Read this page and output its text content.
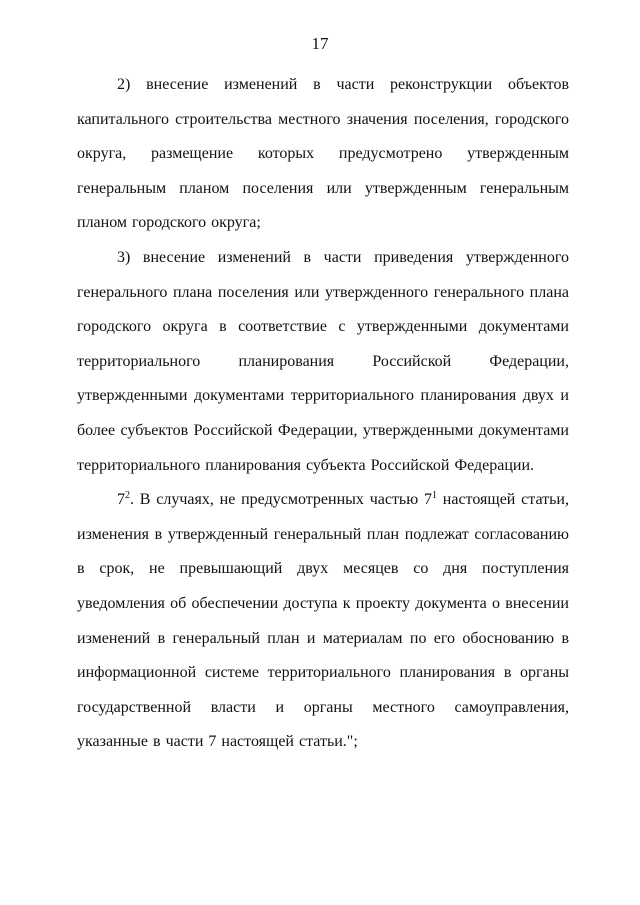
17

2) внесение изменений в части реконструкции объектов капитального строительства местного значения поселения, городского округа, размещение которых предусмотрено утвержденным генеральным планом поселения или утвержденным генеральным планом городского округа;

3) внесение изменений в части приведения утвержденного генерального плана поселения или утвержденного генерального плана городского округа в соответствие с утвержденными документами территориального планирования Российской Федерации, утвержденными документами территориального планирования двух и более субъектов Российской Федерации, утвержденными документами территориального планирования субъекта Российской Федерации.

$7^2$. В случаях, не предусмотренных частью $7^1$ настоящей статьи, изменения в утвержденный генеральный план подлежат согласованию в срок, не превышающий двух месяцев со дня поступления уведомления об обеспечении доступа к проекту документа о внесении изменений в генеральный план и материалам по его обоснованию в информационной системе территориального планирования в органы государственной власти и органы местного самоуправления, указанные в части 7 настоящей статьи.";
